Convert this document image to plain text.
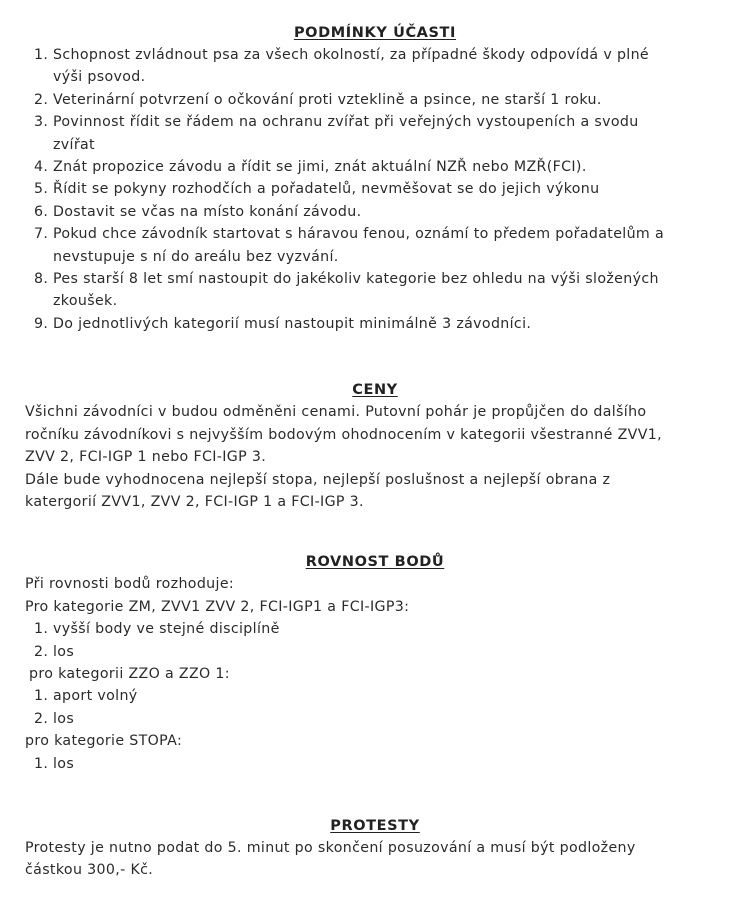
PODMÍNKY ÚČASTI
1. Schopnost zvládnout psa za všech okolností, za případné škody odpovídá v plné
výši psovod.
2. Veterinární potvrzení o očkování proti vzteklině a psince, ne starší 1 roku.
3. Povinnost řídit se řádem na ochranu zvířat při veřejných vystoupeních a svodu
zvířat
4. Znát propozice závodu a řídit se jimi, znát aktuální NZŘ nebo MZŘ(FCI).
5. Řídit se pokyny rozhodčích a pořadatelů, nevměšovat se do jejich výkonu
6. Dostavit se včas na místo konání závodu.
7. Pokud chce závodník startovat s háravou fenou, oznámí to předem pořadatelům a
nevstupuje s ní do areálu bez vyzvání.
8. Pes starší 8 let smí nastoupit do jakékoliv kategorie bez ohledu na výši složených
zkoušek.
9. Do jednotlivých kategorií musí nastoupit minimálně 3 závodníci.
CENY

Všichni závodníci v budou odměněni cenami. Putovní pohár je propůjčen do dalšího

ročníku závodníkovi s nejvyšším bodovým ohodnocením v kategorii všestranné ZVV1,

ZVV 2, FCI-IGP 1 nebo FCI-IGP 3.

Dále bude vyhodnocena nejlepší stopa, nejlepší poslušnost a nejlepší obrana z

katergorií ZVV1, ZVV 2, FCI-IGP 1 a FCI-IGP 3.

ROVNOST BODŮ

Při rovnosti bodů rozhoduje:

Pro kategorie ZM, ZVV1 ZVV 2, FCI-IGP1 a FCI-IGP3:

1. vyšší body ve stejné disciplíně
2. los

pro kategorii ZZO a ZZO 1:

1. aport volný
2. los

pro kategorie STOPA:

1. los
PROTESTY

Protesty je nutno podat do 5. minut po skončení posuzování a musí být podloženy

částkou 300,- Kč.
